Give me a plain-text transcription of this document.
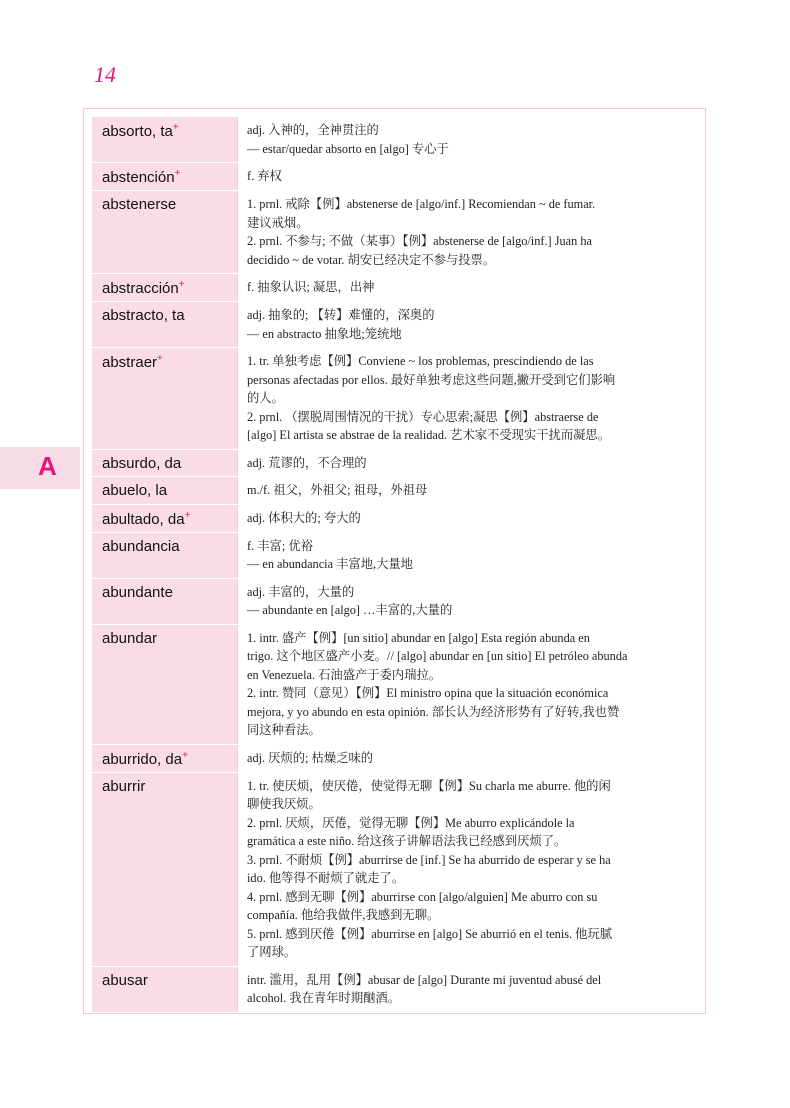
14
A
absorto, ta+	adj. 入神的，全神贯注的
— estar/quedar absorto en [algo] 专心于
abstención+	f. 弃权
abstenerse	1. prnl. 戒除【例】abstenerse de [algo/inf.] Recomiendan ~ de fumar.
建议戒烟。
2. prnl. 不参与; 不做（某事）【例】abstenerse de [algo/inf.] Juan ha
decidido ~ de votar. 胡安已经决定不参与投票。
abstracción+	f. 抽象认识; 凝思，出神
abstracto, ta	adj. 抽象的; 【转】难懂的，深奥的
— en abstracto 抽象地;笼统地
abstraer+	1. tr. 单独考虑【例】Conviene ~ los problemas, prescindiendo de las
personas afectadas por ellos. 最好单独考虑这些问题,撇开受到它们影响
的人。
2. prnl. （摆脱周围情况的干扰）专心思索;凝思【例】abstraerse de
[algo] El artista se abstrae de la realidad. 艺术家不受现实干扰而凝思。
absurdo, da	adj. 荒谬的，不合理的
abuelo, la	m./f. 祖父，外祖父; 祖母，外祖母
abultado, da+	adj. 体积大的; 夸大的
abundancia	f. 丰富; 优裕
— en abundancia 丰富地,大量地
abundante	adj. 丰富的，大量的
— abundante en [algo] …丰富的,大量的
abundar	1. intr. 盛产【例】[un sitio] abundar en [algo] Esta región abunda en
trigo. 这个地区盛产小麦。// [algo] abundar en [un sitio] El petróleo abunda
en Venezuela. 石油盛产于委内瑞拉。
2. intr. 赞同（意见）【例】El ministro opina que la situación económica
mejora, y yo abundo en esta opinión. 部长认为经济形势有了好转,我也赞
同这种看法。
aburrido, da+	adj. 厌烦的; 枯燥乏味的
aburrir	1. tr. 使厌烦，使厌倦，使觉得无聊【例】Su charla me aburre. 他的闲
聊使我厌烦。
2. prnl. 厌烦，厌倦，觉得无聊【例】Me aburro explicándole la
gramática a este niño. 给这孩子讲解语法我已经感到厌烦了。
3. prnl. 不耐烦【例】aburrirse de [inf.] Se ha aburrido de esperar y se ha
ido. 他等得不耐烦了就走了。
4. prnl. 感到无聊【例】aburrirse con [algo/alguien] Me aburro con su
compañía. 他给我做伴,我感到无聊。
5. prnl. 感到厌倦【例】aburrirse en [algo] Se aburrió en el tenis. 他玩腻
了网球。
abusar	intr. 滥用，乱用【例】abusar de [algo] Durante mi juventud abusé del
alcohol. 我在青年时期酗酒。
